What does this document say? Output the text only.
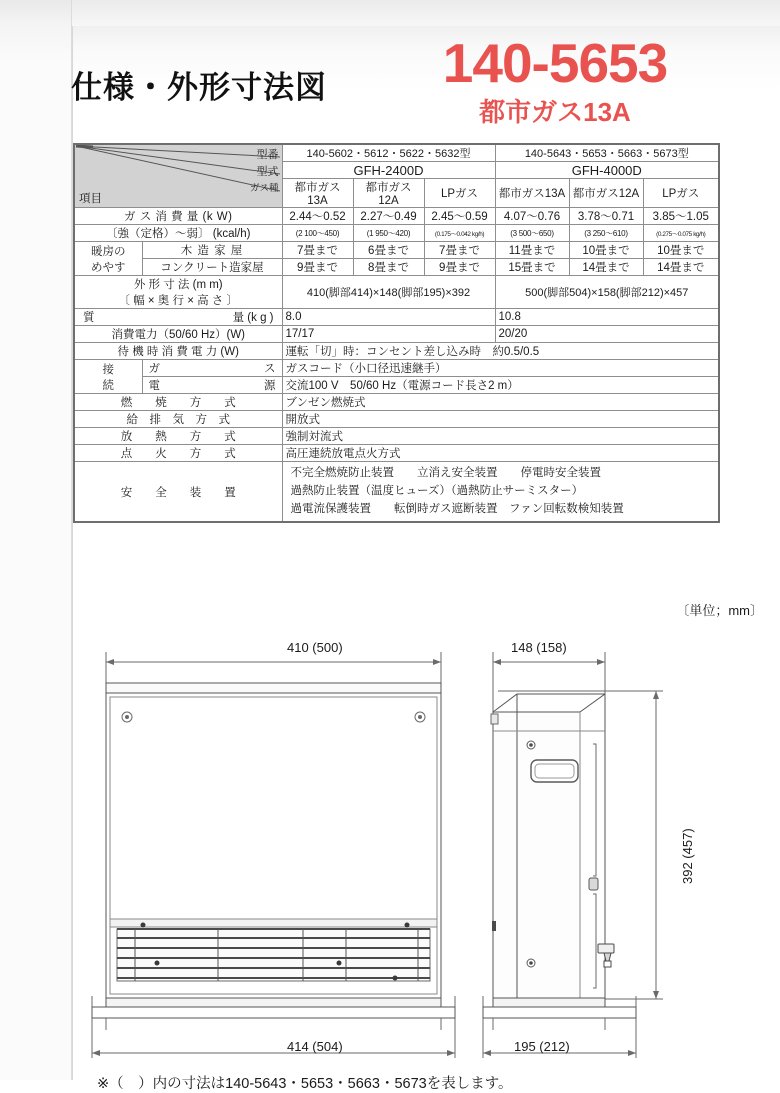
仕様・外形寸法図	140-5653
都市ガス13A
項目
型番
型式
ガス種		140-5602・5612・5622・5632型			140-5643・5653・5663・5673型		
		GFH-2400D			GFH-4000D		
		都市ガス13A	都市ガス12A	LPガス	都市ガス13A	都市ガス12A	LPガス
ガ ス 消 費 量 (k W)		2.44～0.52	2.27～0.49	2.45～0.59	4.07～0.76	3.78～0.71	3.85～1.05
〔強（定格）～弱〕 (kcal/h)		(2 100～450)	(1 950～420)	(0.175～0.042 kg/h)	(3 500～650)	(3 250～610)	(0.275～0.075 kg/h)

暖房の
めやす	木 造 家 屋	7畳まで	6畳まで	7畳まで	11畳まで	10畳まで	10畳まで
	コンクリート造家屋	9畳まで	8畳まで	9畳まで	15畳まで	14畳まで	14畳まで

外 形 寸 法 (m m)
〔 幅 × 奥 行 × 高 さ 〕		410(脚部414)×148(脚部195)×392			500(脚部504)×158(脚部212)×457		

質 量 (k g )		8.0			10.8		
消費電力（50/60 Hz）(W)		17/17			20/20		
待 機 時 消 費 電 力 (W)		運転「切」時：コンセント差し込み時　約0.5/0.5					

接
続

ガ	ス	ガスコード（小口径迅速継手）

	電 源	交流100 V　50/60 Hz（電源コード長さ2 m）					
燃　　焼　　方　　式		ブンゼン燃焼式					
給　排　気　方　式		開放式					
放　　熱　　方　　式		強制対流式					
点　　火　　方　　式		高圧連続放電点火方式					
安　　全　　装　　置		不完全燃焼防止装置　　立消え安全装置　　停電時安全装置
過熱防止装置（温度ヒューズ）（過熱防止サーミスター）
過電流保護装置　　転倒時ガス遮断装置　ファン回転数検知装置					
〔単位；mm〕
410 (500)	148 (158)
414 (504)	195 (212)
392 (457)
※（　）内の寸法は140-5643・5653・5663・5673を表します。
